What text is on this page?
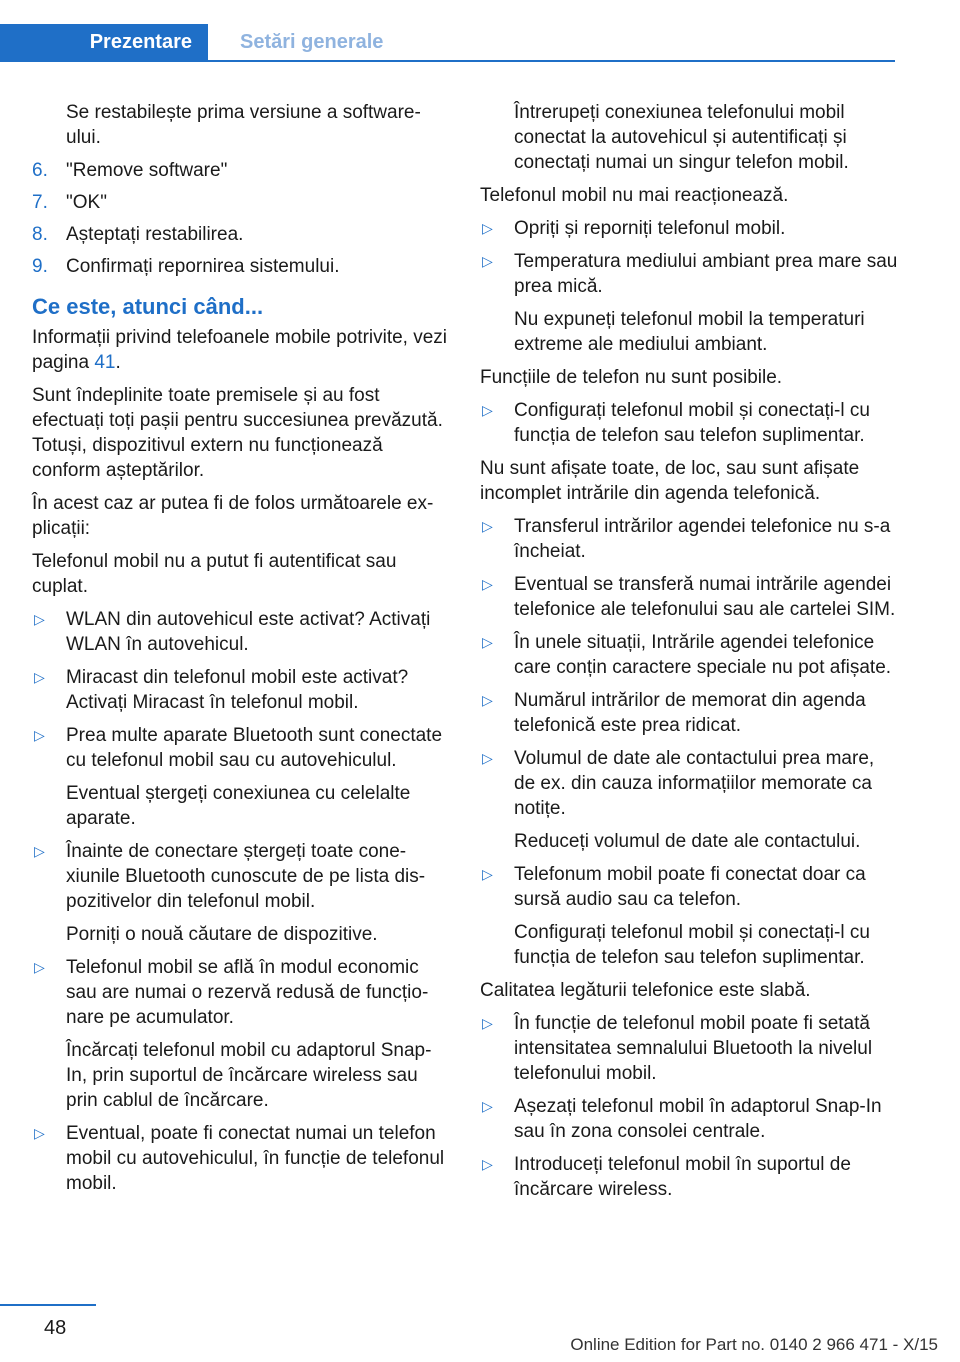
Prezentare	Setări generale

Se restabilește prima versiune a software-ului.

6. "Remove software"
7. "OK"
8. Așteptați restabilirea.
9. Confirmați repornirea sistemului.
Ce este, atunci când...

Informații privind telefoanele mobile potrivite, vezi pagina 41.

Sunt îndeplinite toate premisele și au fost efectuați toți pașii pentru succesiunea prevăzută. Totuși, dispozitivul extern nu funcționează conform așteptărilor.

În acest caz ar putea fi de folos următoarele explicații:

Telefonul mobil nu a putut fi autentificat sau cuplat.

▷ WLAN din autovehicul este activat? Activați WLAN în autovehicul.
▷ Miracast din telefonul mobil este activat? Activați Miracast în telefonul mobil.
▷ Prea multe aparate Bluetooth sunt conectate cu telefonul mobil sau cu autovehiculul.

Eventual ștergeți conexiunea cu celelalte aparate.

▷ Înainte de conectare ștergeți toate conexiunile Bluetooth cunoscute de pe lista dispozitivelor din telefonul mobil.

Porniți o nouă căutare de dispozitive.

▷ Telefonul mobil se află în modul economic sau are numai o rezervă redusă de funcționare pe acumulator.

Încărcați telefonul mobil cu adaptorul Snap-In, prin suportul de încărcare wireless sau prin cablul de încărcare.

▷ Eventual, poate fi conectat numai un telefon mobil cu autovehiculul, în funcție de telefonul mobil.

Întrerupeți conexiunea telefonului mobil conectat la autovehicul și autentificați și conectați numai un singur telefon mobil.

Telefonul mobil nu mai reacționează.

▷ Opriți și reporniți telefonul mobil.
▷ Temperatura mediului ambiant prea mare sau prea mică.

Nu expuneți telefonul mobil la temperaturi extreme ale mediului ambiant.

Funcțiile de telefon nu sunt posibile.

▷ Configurați telefonul mobil și conectați-l cu funcția de telefon sau telefon suplimentar.

Nu sunt afișate toate, de loc, sau sunt afișate incomplet intrările din agenda telefonică.

▷ Transferul intrărilor agendei telefonice nu s-a încheiat.
▷ Eventual se transferă numai intrările agendei telefonice ale telefonului sau ale cartelei SIM.
▷ În unele situații, Intrările agendei telefonice care conțin caractere speciale nu pot afișate.
▷ Numărul intrărilor de memorat din agenda telefonică este prea ridicat.
▷ Volumul de date ale contactului prea mare, de ex. din cauza informațiilor memorate ca notițe.

Reduceți volumul de date ale contactului.

▷ Telefonum mobil poate fi conectat doar ca sursă audio sau ca telefon.

Configurați telefonul mobil și conectați-l cu funcția de telefon sau telefon suplimentar.

Calitatea legăturii telefonice este slabă.

▷ În funcție de telefonul mobil poate fi setată intensitatea semnalului Bluetooth la nivelul telefonului mobil.
▷ Așezați telefonul mobil în adaptorul Snap-In sau în zona consolei centrale.
▷ Introduceți telefonul mobil în suportul de încărcare wireless.
48
Online Edition for Part no. 0140 2 966 471 - X/15
